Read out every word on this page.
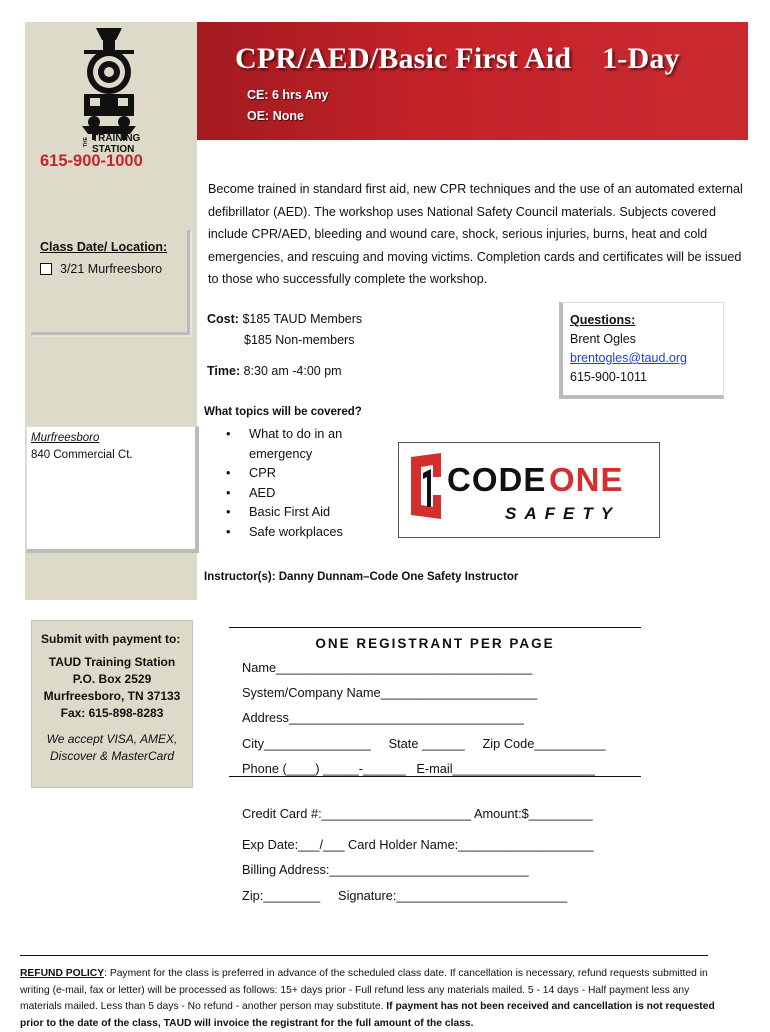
THE TRAINING
STATION
615-900-1000
Class Date/ Location:
3/21 Murfreesboro
Murfreesboro
840 Commercial Ct.
CPR/AED/Basic First Aid    1-Day
CE: 6 hrs Any
OE: None
Become trained in standard first aid, new CPR techniques and the use of an automated external defibrillator (AED). The workshop uses National Safety Council materials. Subjects covered include CPR/AED, bleeding and wound care, shock, serious injuries, burns, heat and cold emergencies, and rescuing and moving victims. Completion cards and certificates will be issued to those who successfully complete the workshop.
Cost: $185 TAUD Members
$185 Non-members
Time: 8:30 am -4:00 pm
Questions:
Brent Ogles
brentogles@taud.org
615-900-1011
What topics will be covered?
• What to do in an emergency
• CPR
• AED
• Basic First Aid
• Safe workplaces
CODE ONE
SAFETY
Instructor(s): Danny Dunnam–Code One Safety Instructor
Submit with payment to:
TAUD Training Station
P.O. Box 2529
Murfreesboro, TN 37133
Fax: 615-898-8283
We accept VISA, AMEX,
Discover & MasterCard
ONE REGISTRANT PER PAGE
Name____________________________________
System/Company Name______________________
Address_________________________________
City_______________     State ______     Zip Code__________
Phone (____) _____-______   E-mail____________________
Credit Card #:_____________________ Amount:$_________
Exp Date:___/___ Card Holder Name:___________________
Billing Address:____________________________
Zip:________     Signature:________________________
REFUND POLICY: Payment for the class is preferred in advance of the scheduled class date. If cancellation is necessary, refund requests submitted in writing (e-mail, fax or letter) will be processed as follows: 15+ days prior - Full refund less any materials mailed. 5 - 14 days - Half payment less any materials mailed. Less than 5 days - No refund - another person may substitute. If payment has not been received and cancellation is not requested prior to the date of the class, TAUD will invoice the registrant for the full amount of the class.
